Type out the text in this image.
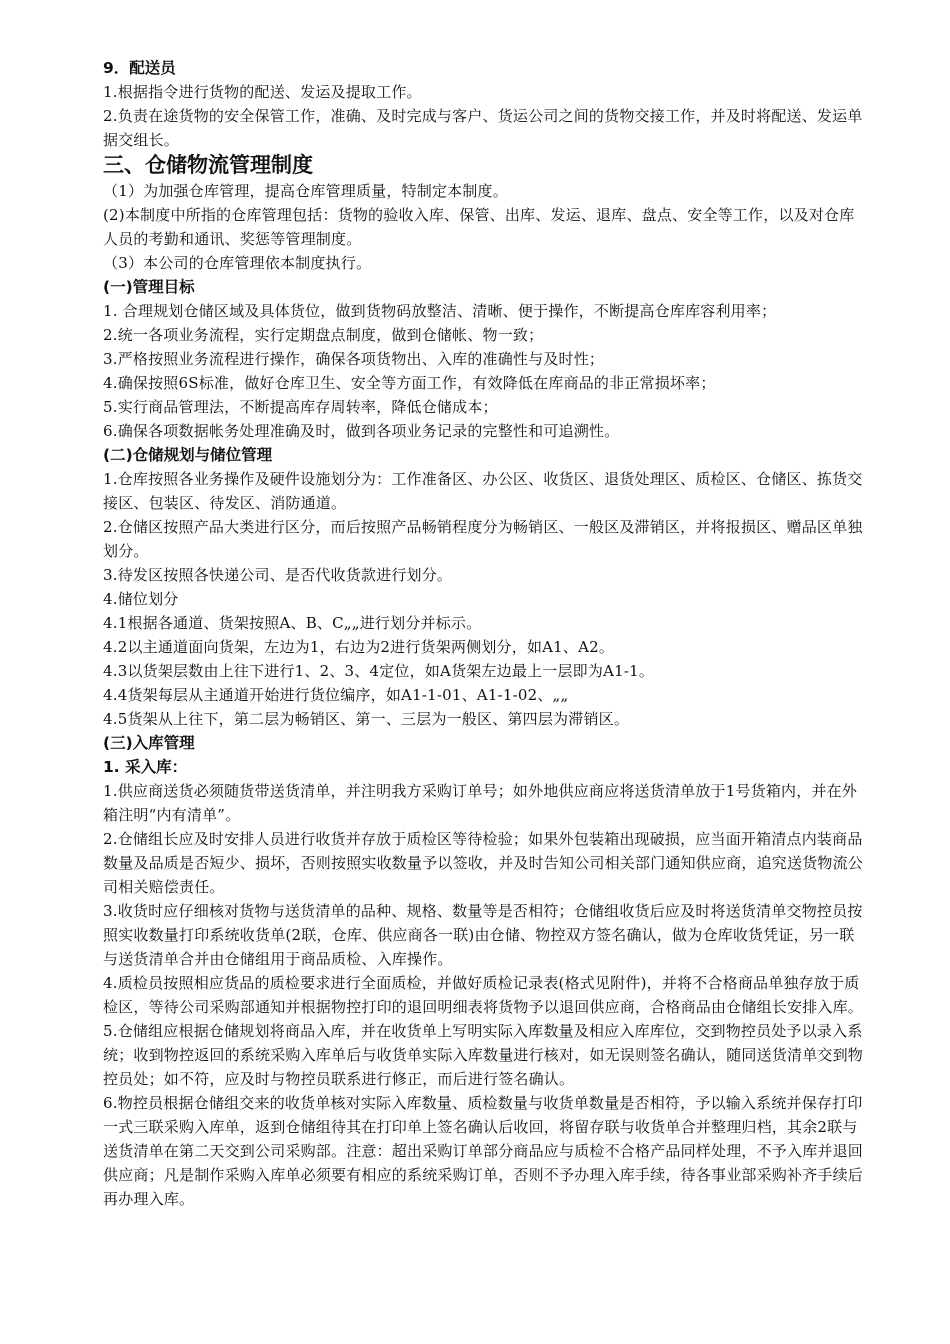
9．配送员

1.根据指令进行货物的配送、发运及提取工作。

2.负责在途货物的安全保管工作，准确、及时完成与客户、货运公司之间的货物交接工作，并及时将配送、发运单据交组长。

三、仓储物流管理制度

（1）为加强仓库管理，提高仓库管理质量，特制定本制度。

(2)本制度中所指的仓库管理包括：货物的验收入库、保管、出库、发运、退库、盘点、安全等工作，以及对仓库人员的考勤和通讯、奖惩等管理制度。

（3）本公司的仓库管理依本制度执行。

(一)管理目标

1. 合理规划仓储区域及具体货位，做到货物码放整洁、清晰、便于操作，不断提高仓库库容利用率；

2.统一各项业务流程，实行定期盘点制度，做到仓储帐、物一致；

3.严格按照业务流程进行操作，确保各项货物出、入库的准确性与及时性；

4.确保按照6S标准，做好仓库卫生、安全等方面工作，有效降低在库商品的非正常损坏率；

5.实行商品管理法，不断提高库存周转率，降低仓储成本；

6.确保各项数据帐务处理准确及时，做到各项业务记录的完整性和可追溯性。

(二)仓储规划与储位管理

1.仓库按照各业务操作及硬件设施划分为：工作准备区、办公区、收货区、退货处理区、质检区、仓储区、拣货交接区、包装区、待发区、消防通道。

2.仓储区按照产品大类进行区分，而后按照产品畅销程度分为畅销区、一般区及滞销区，并将报损区、赠品区单独划分。

3.待发区按照各快递公司、是否代收货款进行划分。

4.储位划分

4.1根据各通道、货架按照A、B、C„„进行划分并标示。

4.2以主通道面向货架，左边为1，右边为2进行货架两侧划分，如A1、A2。

4.3以货架层数由上往下进行1、2、3、4定位，如A货架左边最上一层即为A1-1。

4.4货架每层从主通道开始进行货位编序，如A1-1-01、A1-1-02、„„

4.5货架从上往下，第二层为畅销区、第一、三层为一般区、第四层为滞销区。

(三)入库管理

1. 采入库：

1.供应商送货必须随货带送货清单，并注明我方采购订单号；如外地供应商应将送货清单放于1号货箱内，并在外箱注明“内有清单”。

2.仓储组长应及时安排人员进行收货并存放于质检区等待检验；如果外包装箱出现破损，应当面开箱清点内装商品数量及品质是否短少、损坏，否则按照实收数量予以签收，并及时告知公司相关部门通知供应商，追究送货物流公司相关赔偿责任。

3.收货时应仔细核对货物与送货清单的品种、规格、数量等是否相符；仓储组收货后应及时将送货清单交物控员按照实收数量打印系统收货单(2联，仓库、供应商各一联)由仓储、物控双方签名确认，做为仓库收货凭证，另一联与送货清单合并由仓储组用于商品质检、入库操作。

4.质检员按照相应货品的质检要求进行全面质检，并做好质检记录表(格式见附件)，并将不合格商品单独存放于质检区，等待公司采购部通知并根据物控打印的退回明细表将货物予以退回供应商，合格商品由仓储组长安排入库。

5.仓储组应根据仓储规划将商品入库，并在收货单上写明实际入库数量及相应入库库位，交到物控员处予以录入系统；收到物控返回的系统采购入库单后与收货单实际入库数量进行核对，如无误则签名确认，随同送货清单交到物控员处；如不符，应及时与物控员联系进行修正，而后进行签名确认。

6.物控员根据仓储组交来的收货单核对实际入库数量、质检数量与收货单数量是否相符，予以输入系统并保存打印一式三联采购入库单，返到仓储组待其在打印单上签名确认后收回，将留存联与收货单合并整理归档，其余2联与送货清单在第二天交到公司采购部。注意：超出采购订单部分商品应与质检不合格产品同样处理，不予入库并退回供应商；凡是制作采购入库单必须要有相应的系统采购订单，否则不予办理入库手续，待各事业部采购补齐手续后再办理入库。
